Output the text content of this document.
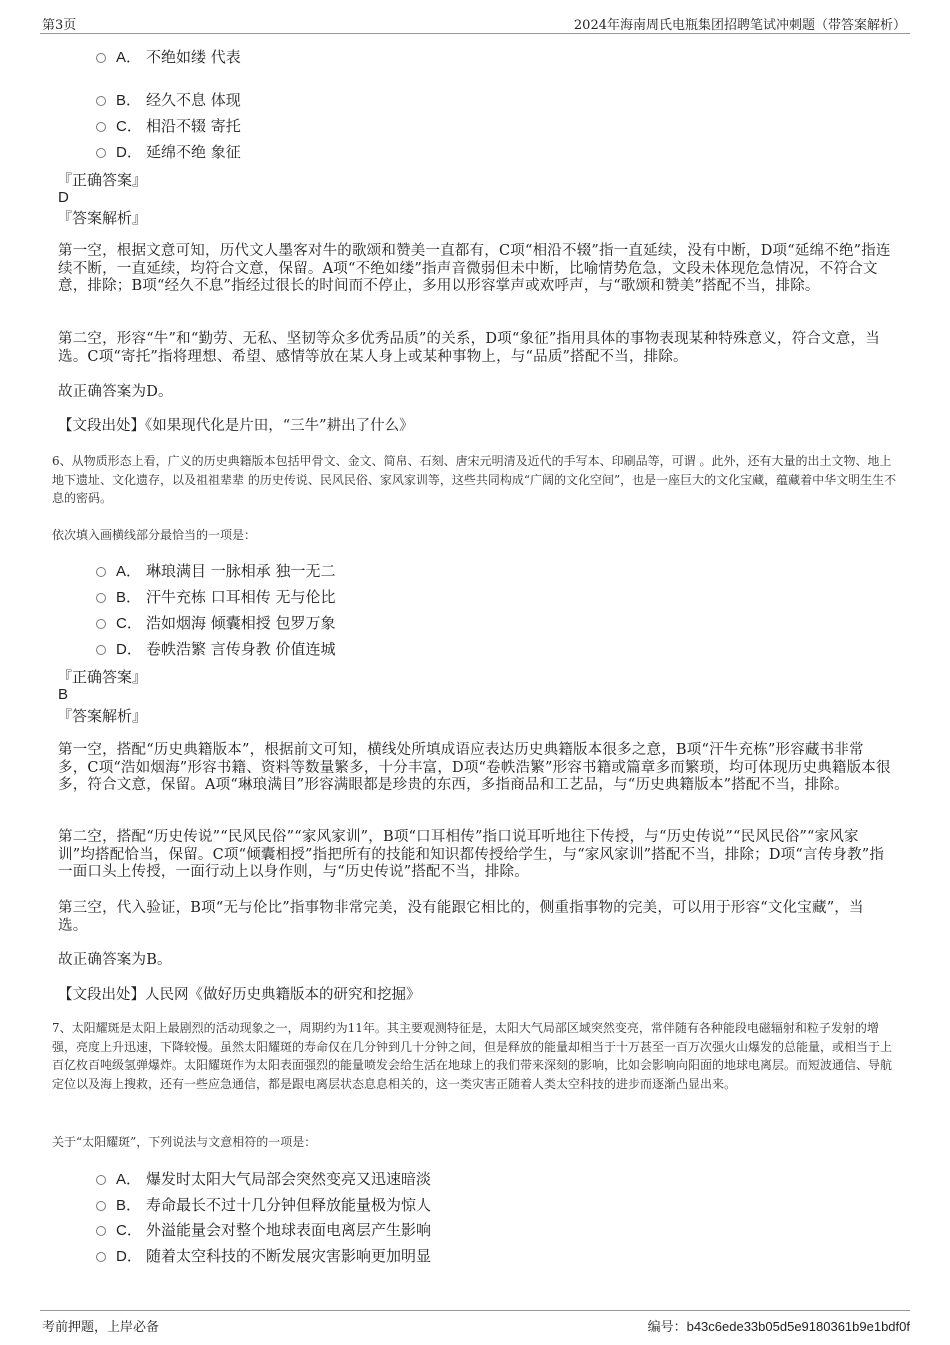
第3页	2024年海南周氏电瓶集团招聘笔试冲刺题（带答案解析）
A． 不绝如缕 代表
B． 经久不息 体现
C． 相沿不辍 寄托
D． 延绵不绝 象征
『正确答案』
D
『答案解析』
第一空，根据文意可知，历代文人墨客对牛的歌颂和赞美一直都有，C项“相沿不辍”指一直延续，没有中断，D项“延绵不绝”指连续不断，一直延续，均符合文意，保留。A项“不绝如缕”指声音微弱但未中断，比喻情势危急，文段未体现危急情况，不符合文意，排除；B项“经久不息”指经过很长的时间而不停止，多用以形容掌声或欢呼声，与“歌颂和赞美”搭配不当，排除。
第二空，形容“牛”和“勤劳、无私、坚韧等众多优秀品质”的关系，D项“象征”指用具体的事物表现某种特殊意义，符合文意，当选。C项“寄托”指将理想、希望、感情等放在某人身上或某种事物上，与“品质”搭配不当，排除。
故正确答案为D。
【文段出处】《如果现代化是片田，“三牛”耕出了什么》
6、从物质形态上看，广义的历史典籍版本包括甲骨文、金文、简帛、石刻、唐宋元明清及近代的手写本、印刷品等，可谓 。此外，还有大量的出土文物、地上地下遗址、文化遗存，以及祖祖辈辈 的历史传说、民风民俗、家风家训等，这些共同构成“广阔的文化空间”，也是一座巨大的文化宝藏，蕴藏着中华文明生生不息的密码。
依次填入画横线部分最恰当的一项是：
A． 琳琅满目 一脉相承 独一无二
B． 汗牛充栋 口耳相传 无与伦比
C． 浩如烟海 倾囊相授 包罗万象
D． 卷帙浩繁 言传身教 价值连城
『正确答案』
B
『答案解析』
第一空，搭配“历史典籍版本”，根据前文可知，横线处所填成语应表达历史典籍版本很多之意，B项“汗牛充栋”形容藏书非常多，C项“浩如烟海”形容书籍、资料等数量繁多，十分丰富，D项“卷帙浩繁”形容书籍或篇章多而繁琐，均可体现历史典籍版本很多，符合文意，保留。A项“琳琅满目”形容满眼都是珍贵的东西，多指商品和工艺品，与“历史典籍版本”搭配不当，排除。
第二空，搭配“历史传说”“民风民俗”“家风家训”，B项“口耳相传”指口说耳听地往下传授，与“历史传说”“民风民俗”“家风家训”均搭配恰当，保留。C项“倾囊相授”指把所有的技能和知识都传授给学生，与“家风家训”搭配不当，排除；D项“言传身教”指一面口头上传授，一面行动上以身作则，与“历史传说”搭配不当，排除。
第三空，代入验证，B项“无与伦比”指事物非常完美，没有能跟它相比的，侧重指事物的完美，可以用于形容“文化宝藏”，当选。
故正确答案为B。
【文段出处】人民网《做好历史典籍版本的研究和挖掘》
7、太阳耀斑是太阳上最剧烈的活动现象之一，周期约为11年。其主要观测特征是，太阳大气局部区域突然变亮，常伴随有各种能段电磁辐射和粒子发射的增强，亮度上升迅速，下降较慢。虽然太阳耀斑的寿命仅在几分钟到几十分钟之间，但是释放的能量却相当于十万甚至一百万次强火山爆发的总能量，或相当于上百亿枚百吨级氢弹爆炸。太阳耀斑作为太阳表面强烈的能量喷发会给生活在地球上的我们带来深刻的影响，比如会影响向阳面的地球电离层。而短波通信、导航定位以及海上搜救，还有一些应急通信，都是跟电离层状态息息相关的，这一类灾害正随着人类太空科技的进步而逐渐凸显出来。
关于“太阳耀斑”，下列说法与文意相符的一项是：
A． 爆发时太阳大气局部会突然变亮又迅速暗淡
B． 寿命最长不过十几分钟但释放能量极为惊人
C． 外溢能量会对整个地球表面电离层产生影响
D． 随着太空科技的不断发展灾害影响更加明显
考前押题，上岸必备	编号：b43c6ede33b05d5e9180361b9e1bdf0f
